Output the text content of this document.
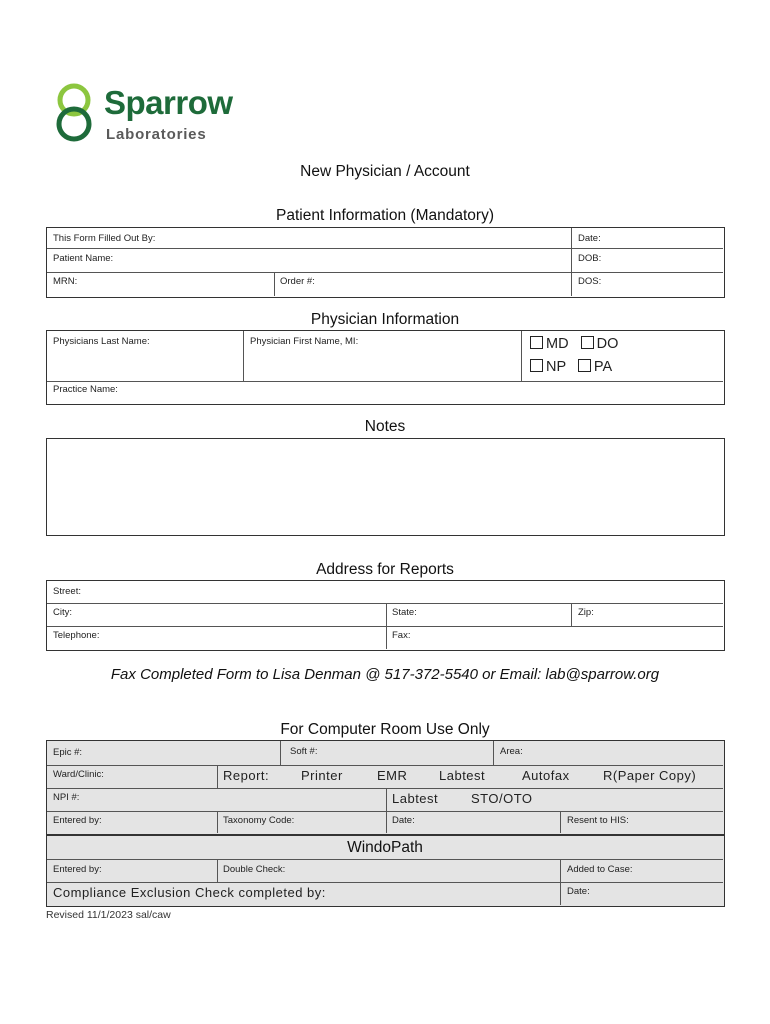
Sparrow
Laboratories
New Physician / Account
Patient Information (Mandatory)
This Form Filled Out By:	Date:
Patient Name:	DOB:
MRN:	Order #:	DOS:
Physician Information
Physicians Last Name:	Physician First Name, MI:	MD DO
NP PA
Practice Name:
Notes
Address for Reports
Street:
City:	State:	Zip:
Telephone:	Fax:
Fax Completed Form to Lisa Denman @ 517-372-5540 or Email: lab@sparrow.org
For Computer Room Use Only
Epic #:	Soft #:	Area:
Ward/Clinic:	Report: Printer	EMR Labtest	Autofax	R(Paper Copy)
NPI #:	Labtest	STO/OTO
Entered by:	Taxonomy Code:	Date:	Resent to HIS:
WindoPath
Entered by:	Double Check:	Added to Case:
Compliance Exclusion Check completed by:	Date:
Revised 11/1/2023 sal/caw
